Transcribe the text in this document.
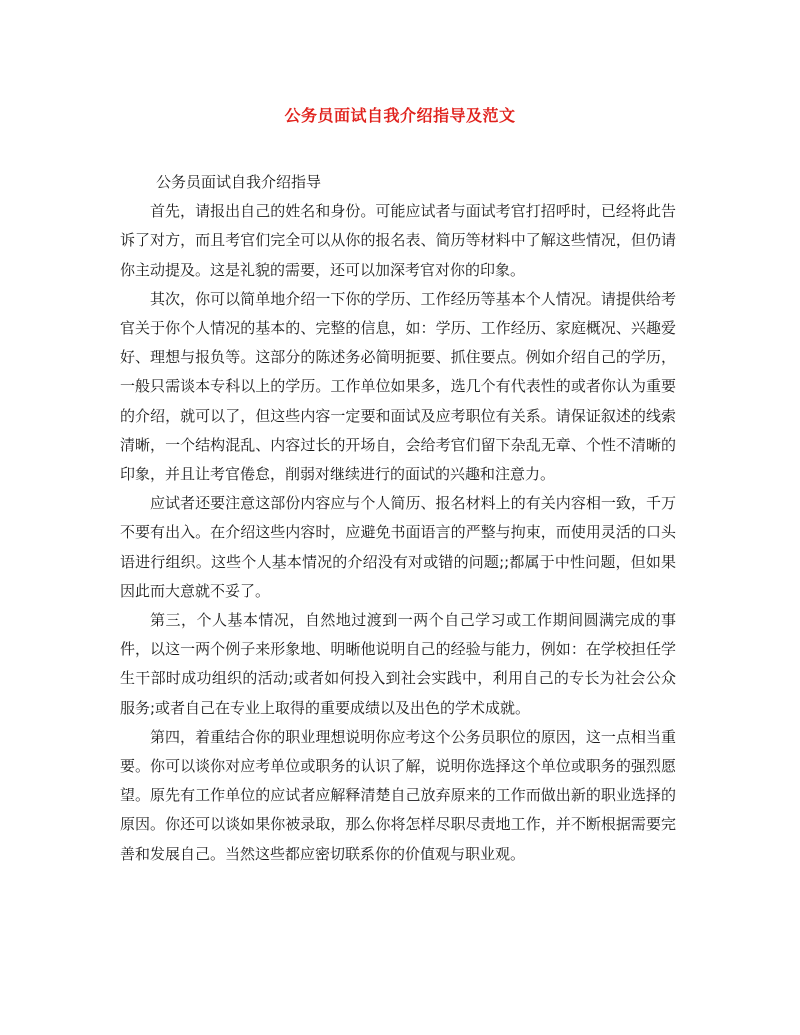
公务员面试自我介绍指导及范文

公务员面试自我介绍指导

首先，请报出自己的姓名和身份。可能应试者与面试考官打招呼时，已经将此告诉了对方，而且考官们完全可以从你的报名表、简历等材料中了解这些情况，但仍请你主动提及。这是礼貌的需要，还可以加深考官对你的印象。

其次，你可以简单地介绍一下你的学历、工作经历等基本个人情况。请提供给考官关于你个人情况的基本的、完整的信息，如：学历、工作经历、家庭概况、兴趣爱好、理想与报负等。这部分的陈述务必简明扼要、抓住要点。例如介绍自己的学历，一般只需谈本专科以上的学历。工作单位如果多，选几个有代表性的或者你认为重要的介绍，就可以了，但这些内容一定要和面试及应考职位有关系。请保证叙述的线索清晰，一个结构混乱、内容过长的开场自，会给考官们留下杂乱无章、个性不清晰的印象，并且让考官倦怠，削弱对继续进行的面试的兴趣和注意力。

应试者还要注意这部份内容应与个人简历、报名材料上的有关内容相一致，千万不要有出入。在介绍这些内容时，应避免书面语言的严整与拘束，而使用灵活的口头语进行组织。这些个人基本情况的介绍没有对或错的问题;;都属于中性问题，但如果因此而大意就不妥了。

第三，个人基本情况，自然地过渡到一两个自己学习或工作期间圆满完成的事件，以这一两个例子来形象地、明晰他说明自己的经验与能力，例如：在学校担任学生干部时成功组织的活动;或者如何投入到社会实践中，利用自己的专长为社会公众服务;或者自己在专业上取得的重要成绩以及出色的学术成就。

第四，着重结合你的职业理想说明你应考这个公务员职位的原因，这一点相当重要。你可以谈你对应考单位或职务的认识了解，说明你选择这个单位或职务的强烈愿望。原先有工作单位的应试者应解释清楚自己放弃原来的工作而做出新的职业选择的原因。你还可以谈如果你被录取，那么你将怎样尽职尽责地工作，并不断根据需要完善和发展自己。当然这些都应密切联系你的价值观与职业观。
